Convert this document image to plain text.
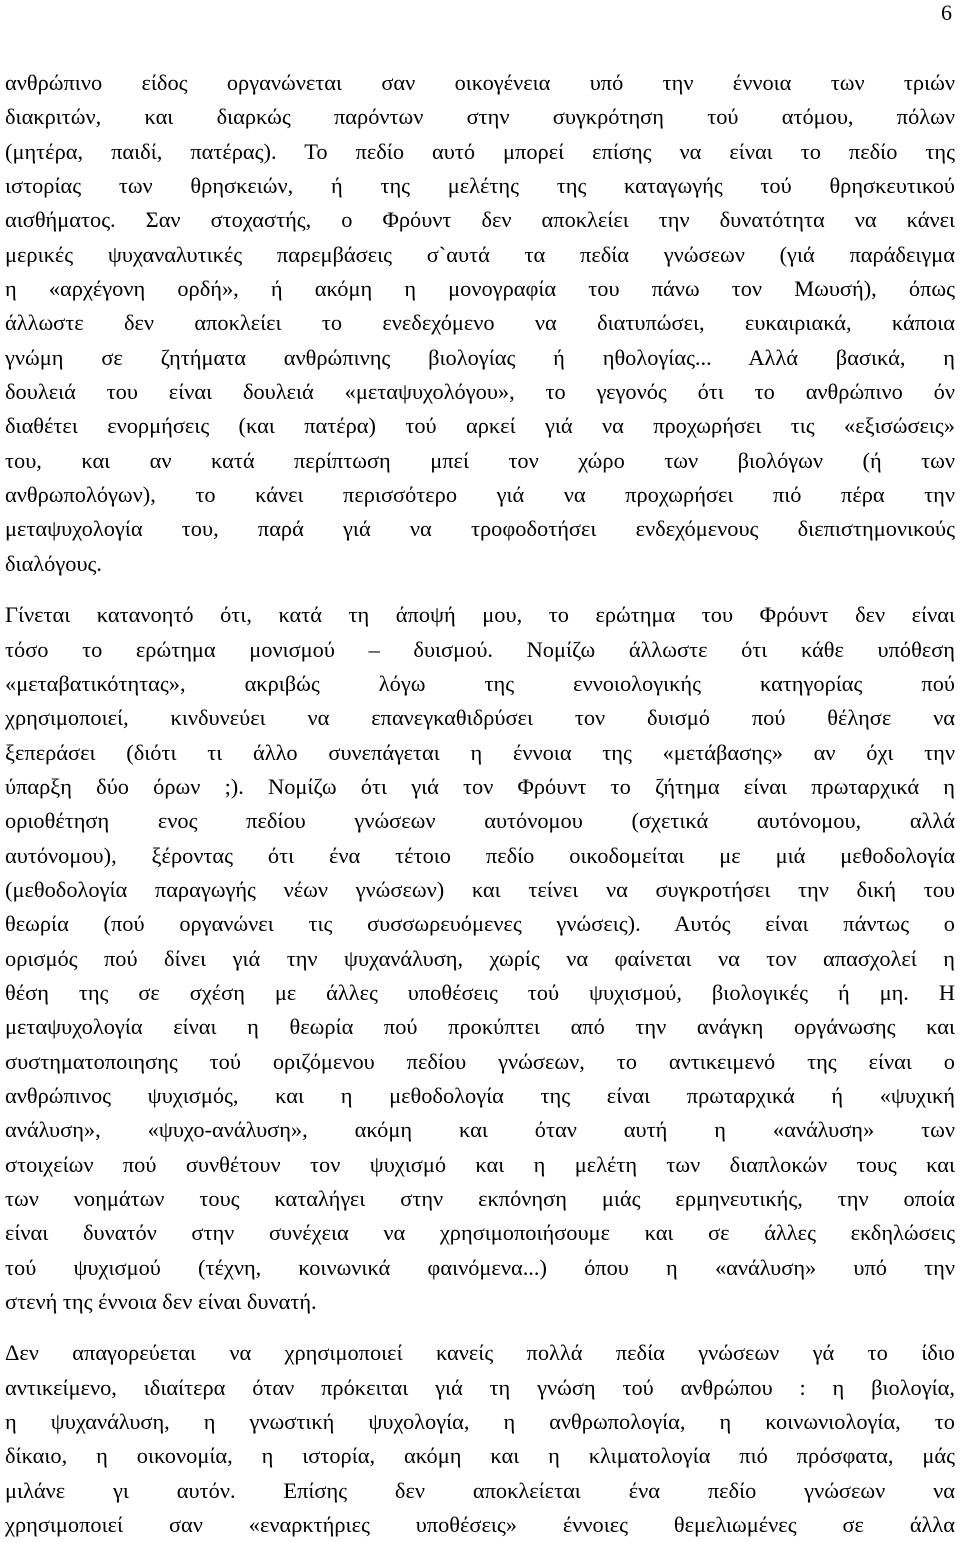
6
ανθρώπινο είδος οργανώνεται σαν οικογένεια υπό την έννοια των τριών
διακριτών, και διαρκώς παρόντων στην συγκρότηση τού ατόμου, πόλων
(μητέρα, παιδί, πατέρας). Το πεδίο αυτό μπορεί επίσης να είναι το πεδίο της
ιστορίας των θρησκειών, ή της μελέτης της καταγωγής τού θρησκευτικού
αισθήματος. Σαν στοχαστής, ο Φρόυντ δεν αποκλείει την δυνατότητα να κάνει
μερικές ψυχαναλυτικές παρεμβάσεις σ`αυτά τα πεδία γνώσεων (γιά παράδειγμα
η «αρχέγονη ορδή», ή ακόμη η μονογραφία του πάνω τον Μωυσή), όπως
άλλωστε δεν αποκλείει το ενεδεχόμενο να διατυπώσει, ευκαιριακά, κάποια
γνώμη σε ζητήματα ανθρώπινης βιολογίας ή ηθολογίας... Αλλά βασικά, η
δουλειά του είναι δουλειά «μεταψυχολόγου», το γεγονός ότι το ανθρώπινο όν
διαθέτει ενορμήσεις (και πατέρα) τού αρκεί γιά να προχωρήσει τις «εξισώσεις»
του, και αν κατά περίπτωση μπεί τον χώρο των βιολόγων (ή των
ανθρωπολόγων), το κάνει περισσότερο γιά να προχωρήσει πιό πέρα την
μεταψυχολογία του, παρά γιά να τροφοδοτήσει ενδεχόμενους διεπιστημονικούς
διαλόγους.
Γίνεται κατανοητό ότι, κατά τη άποψή μου, το ερώτημα του Φρόυντ δεν είναι
τόσο το ερώτημα μονισμού – δυισμού. Νομίζω άλλωστε ότι κάθε υπόθεση
«μεταβατικότητας», ακριβώς λόγω της εννοιολογικής κατηγορίας πού
χρησιμοποιεί, κινδυνεύει να επανεγκαθιδρύσει τον δυισμό πού θέλησε να
ξεπεράσει (διότι τι άλλο συνεπάγεται η έννοια της «μετάβασης» αν όχι την
ύπαρξη δύο όρων ;). Νομίζω ότι γιά τον Φρόυντ το ζήτημα είναι πρωταρχικά η
οριοθέτηση ενος πεδίου γνώσεων αυτόνομου (σχετικά αυτόνομου, αλλά
αυτόνομου), ξέροντας ότι ένα τέτοιο πεδίο οικοδομείται με μιά μεθοδολογία
(μεθοδολογία παραγωγής νέων γνώσεων) και τείνει να συγκροτήσει την δική του
θεωρία (πού οργανώνει τις συσσωρευόμενες γνώσεις). Αυτός είναι πάντως ο
ορισμός πού δίνει γιά την ψυχανάλυση, χωρίς να φαίνεται να τον απασχολεί η
θέση της σε σχέση με άλλες υποθέσεις τού ψυχισμού, βιολογικές ή μη. Η
μεταψυχολογία είναι η θεωρία πού προκύπτει από την ανάγκη οργάνωσης και
συστηματοποιησης τού οριζόμενου πεδίου γνώσεων, το αντικειμενό της είναι ο
ανθρώπινος ψυχισμός, και η μεθοδολογία της είναι πρωταρχικά ή «ψυχική
ανάλυση», «ψυχο-ανάλυση», ακόμη και όταν αυτή η «ανάλυση» των
στοιχείων πού συνθέτουν τον ψυχισμό και η μελέτη των διαπλοκών τους και
των νοημάτων τους καταλήγει στην εκπόνηση μιάς ερμηνευτικής, την οποία
είναι δυνατόν στην συνέχεια να χρησιμοποιήσουμε και σε άλλες εκδηλώσεις
τού ψυχισμού (τέχνη, κοινωνικά φαινόμενα...) όπου η «ανάλυση» υπό την
στενή της έννοια δεν είναι δυνατή.
Δεν απαγορεύεται να χρησιμοποιεί κανείς πολλά πεδία γνώσεων γά το ίδιο
αντικείμενο, ιδιαίτερα όταν πρόκειται γιά τη γνώση τού ανθρώπου : η βιολογία,
η ψυχανάλυση, η γνωστική ψυχολογία, η ανθρωπολογία, η κοινωνιολογία, το
δίκαιο, η οικονομία, η ιστορία, ακόμη και η κλιματολογία πιό πρόσφατα, μάς
μιλάνε γι αυτόν. Επίσης δεν αποκλείεται ένα πεδίο γνώσεων να
χρησιμοποιεί σαν «εναρκτήριες υποθέσεις» έννοιες θεμελιωμένες σε άλλα
